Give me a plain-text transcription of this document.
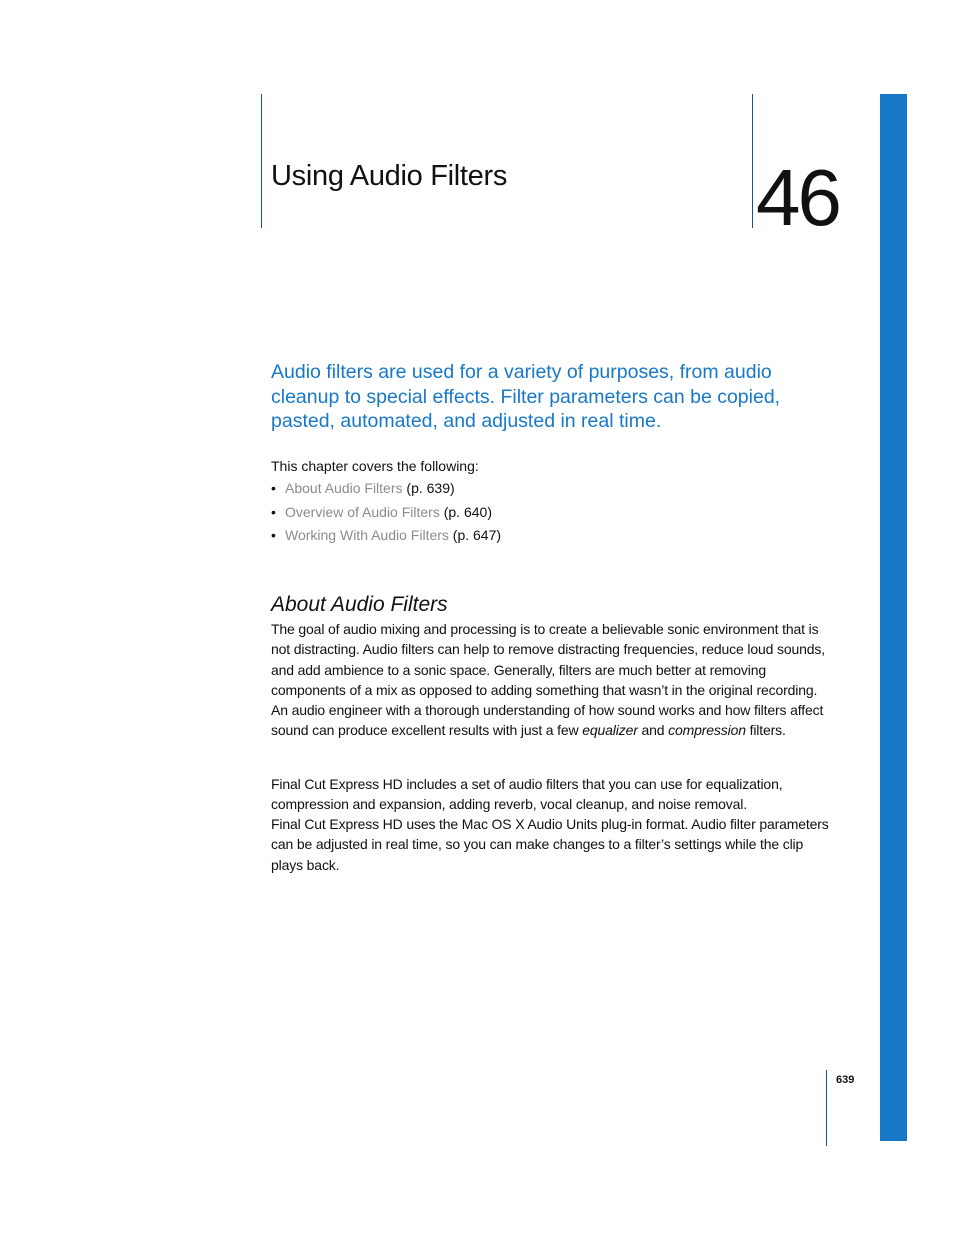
Using Audio Filters	46

Audio filters are used for a variety of purposes, from audio cleanup to special effects. Filter parameters can be copied, pasted, automated, and adjusted in real time.

This chapter covers the following:

• About Audio Filters (p. 639)
• Overview of Audio Filters (p. 640)
• Working With Audio Filters (p. 647)
About Audio Filters

The goal of audio mixing and processing is to create a believable sonic environment that is not distracting. Audio filters can help to remove distracting frequencies, reduce loud sounds, and add ambience to a sonic space. Generally, filters are much better at removing components of a mix as opposed to adding something that wasn’t in the original recording. An audio engineer with a thorough understanding of how sound works and how filters affect sound can produce excellent results with just a few equalizer and compression filters.

Final Cut Express HD includes a set of audio filters that you can use for equalization, compression and expansion, adding reverb, vocal cleanup, and noise removal.

Final Cut Express HD uses the Mac OS X Audio Units plug-in format. Audio filter parameters can be adjusted in real time, so you can make changes to a filter’s settings while the clip plays back.

639
